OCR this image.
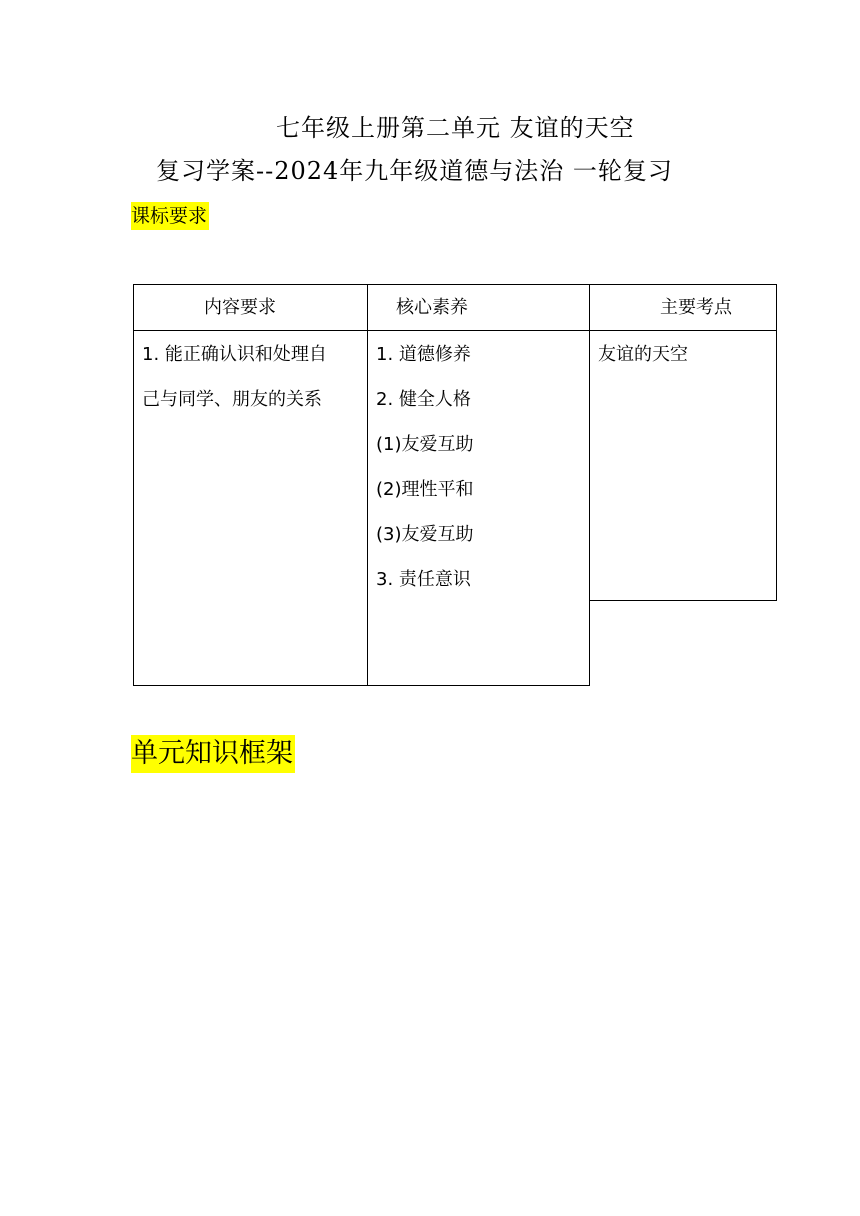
七年级上册第二单元 友谊的天空
复习学案--2024年九年级道德与法治 一轮复习
课标要求
内容要求	核心素养	主要考点
1. 能正确认识和处理自
己与同学、朋友的关系
1. 道德修养
2. 健全人格
(1)友爱互助
(2)理性平和
(3)友爱互助
3. 责任意识
友谊的天空
单元知识框架
